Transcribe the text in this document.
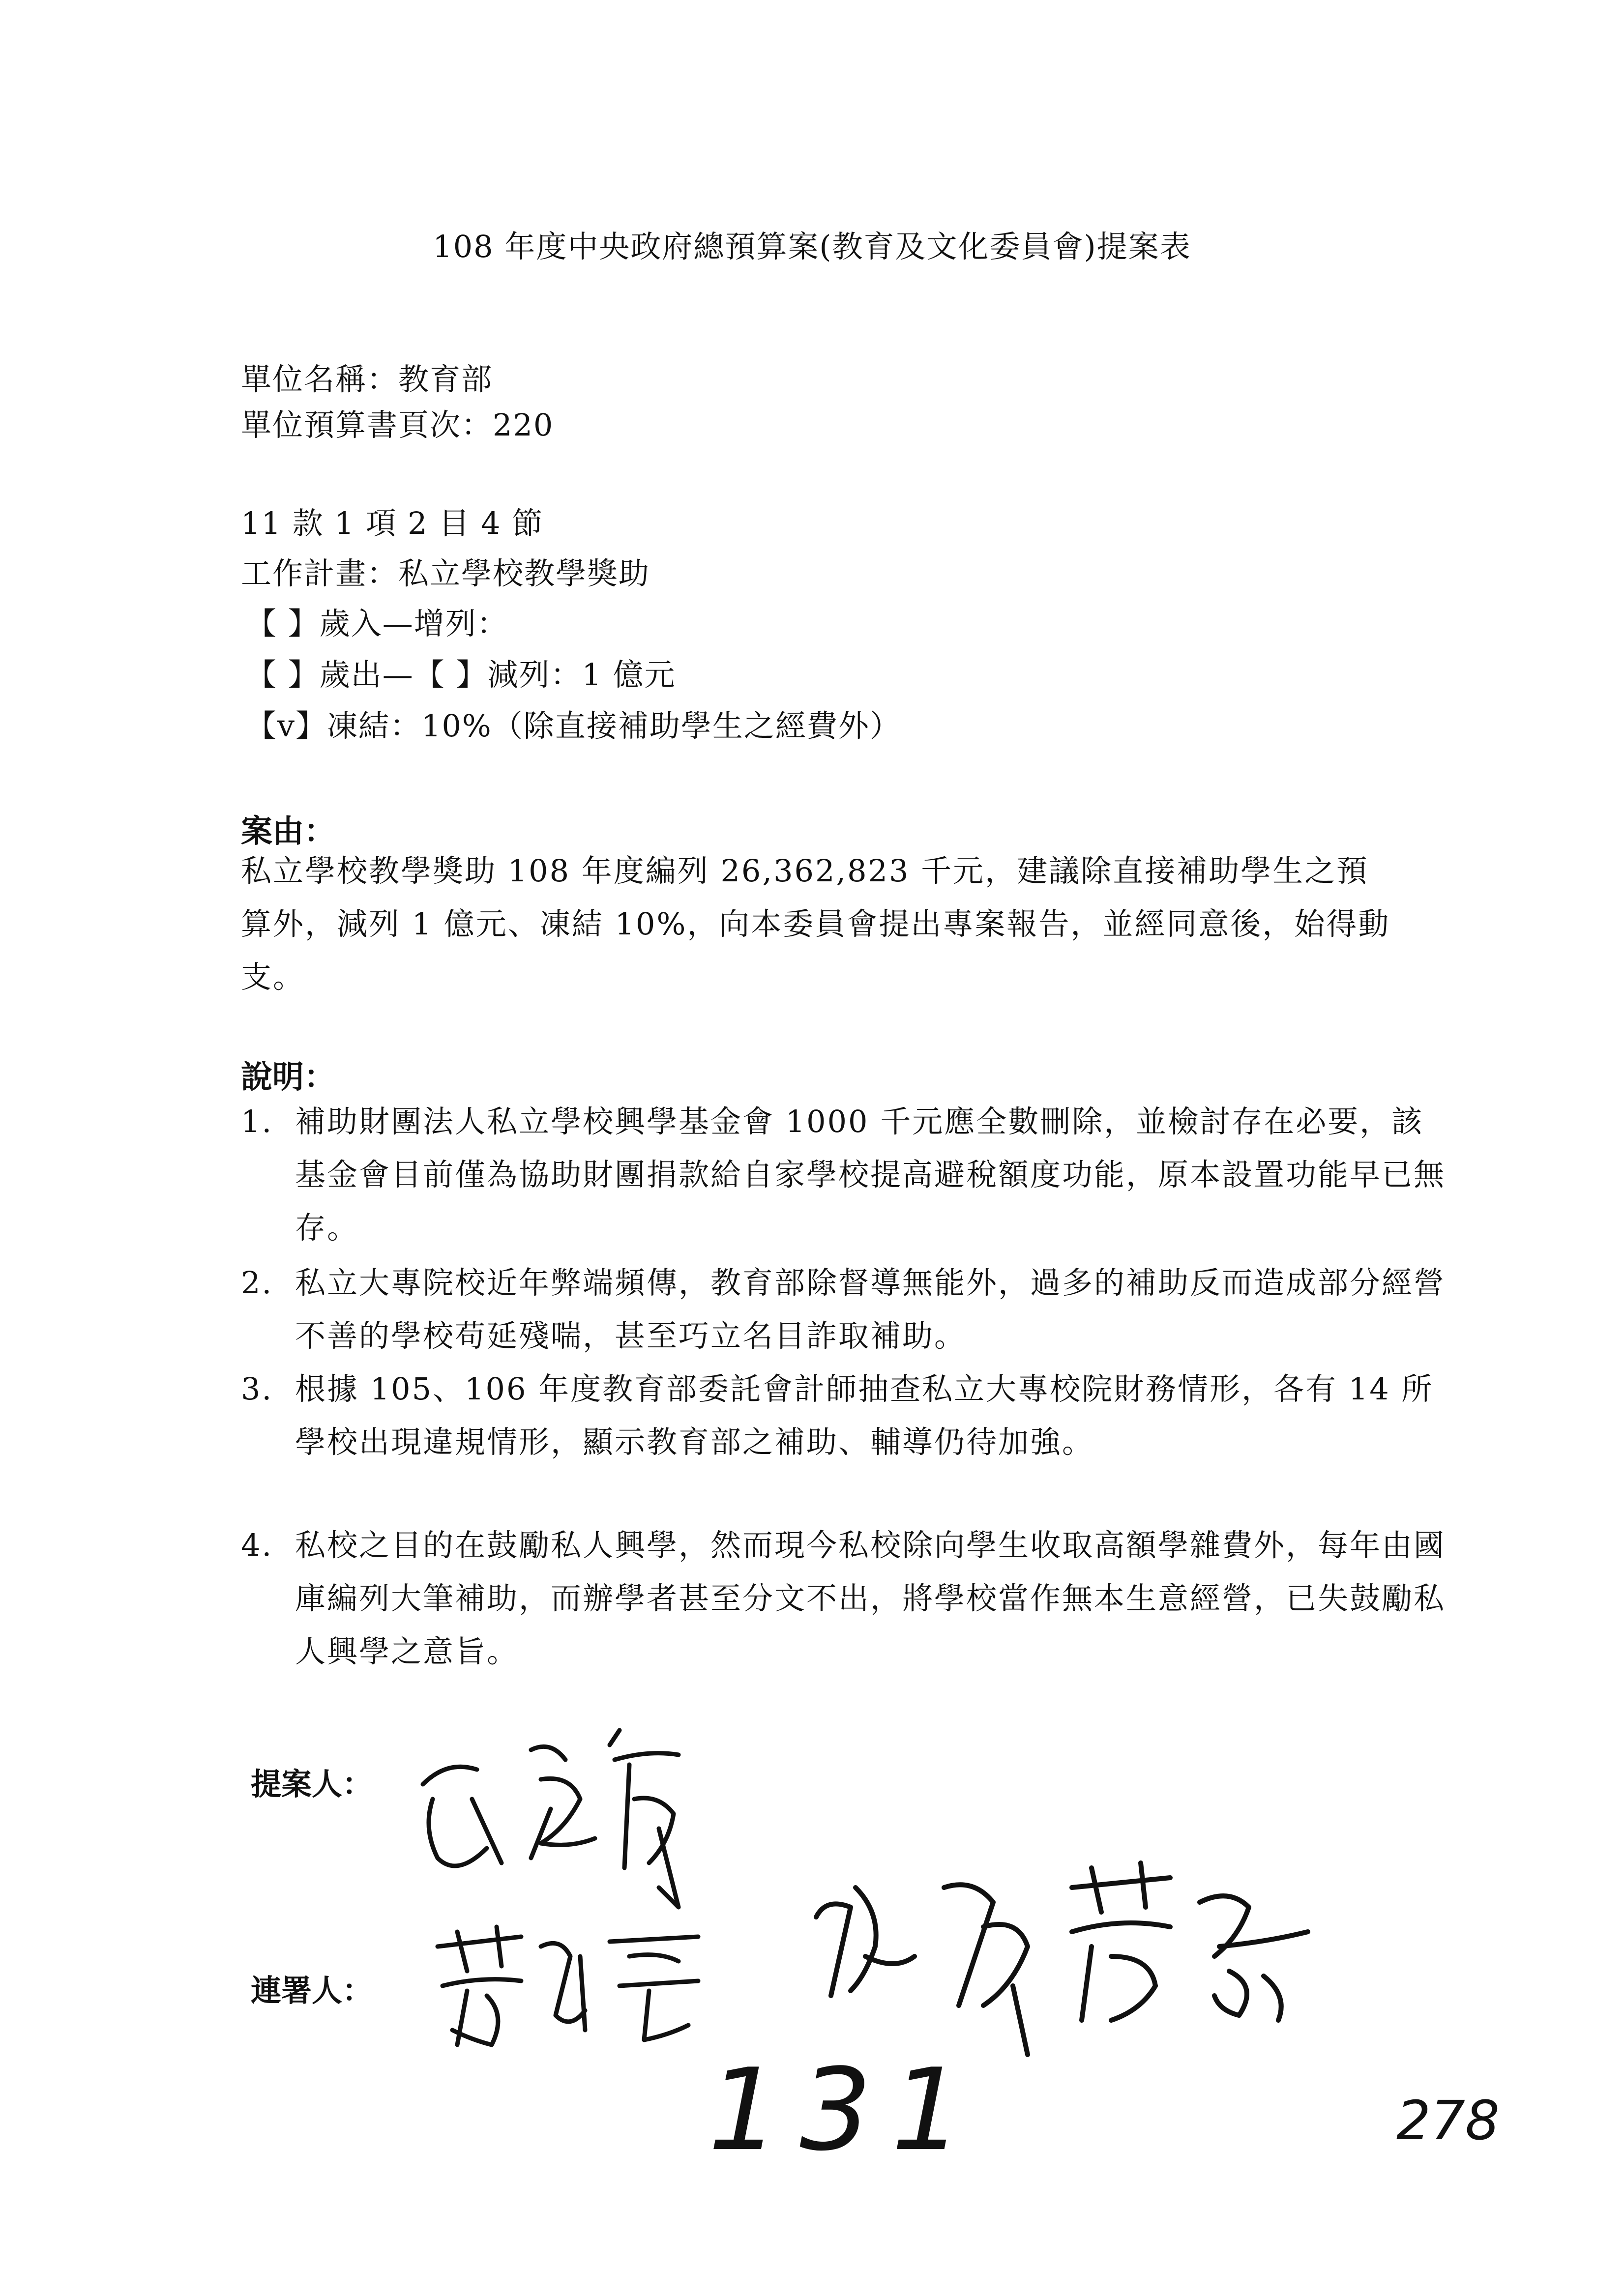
108 年度中央政府總預算案(教育及文化委員會)提案表
單位名稱：教育部
單位預算書頁次：220
11 款 1 項 2 目 4 節
工作計畫：私立學校教學獎助
【 】歲入—增列：
【 】歲出—【 】減列：1 億元
【v】凍結：10%（除直接補助學生之經費外）
案由：
私立學校教學獎助 108 年度編列 26,362,823 千元，建議除直接補助學生之預算外，減列 1 億元、凍結 10%，向本委員會提出專案報告，並經同意後，始得動支。
說明：
1. 補助財團法人私立學校興學基金會 1000 千元應全數刪除，並檢討存在必要，該基金會目前僅為協助財團捐款給自家學校提高避稅額度功能，原本設置功能早已無存。
2. 私立大專院校近年弊端頻傳，教育部除督導無能外，過多的補助反而造成部分經營不善的學校苟延殘喘，甚至巧立名目詐取補助。
3. 根據 105、106 年度教育部委託會計師抽查私立大專校院財務情形，各有 14 所學校出現違規情形，顯示教育部之補助、輔導仍待加強。
4. 私校之目的在鼓勵私人興學，然而現今私校除向學生收取高額學雜費外，每年由國庫編列大筆補助，而辦學者甚至分文不出，將學校當作無本生意經營，已失鼓勵私人興學之意旨。
提案人：
連署人：
131	278
